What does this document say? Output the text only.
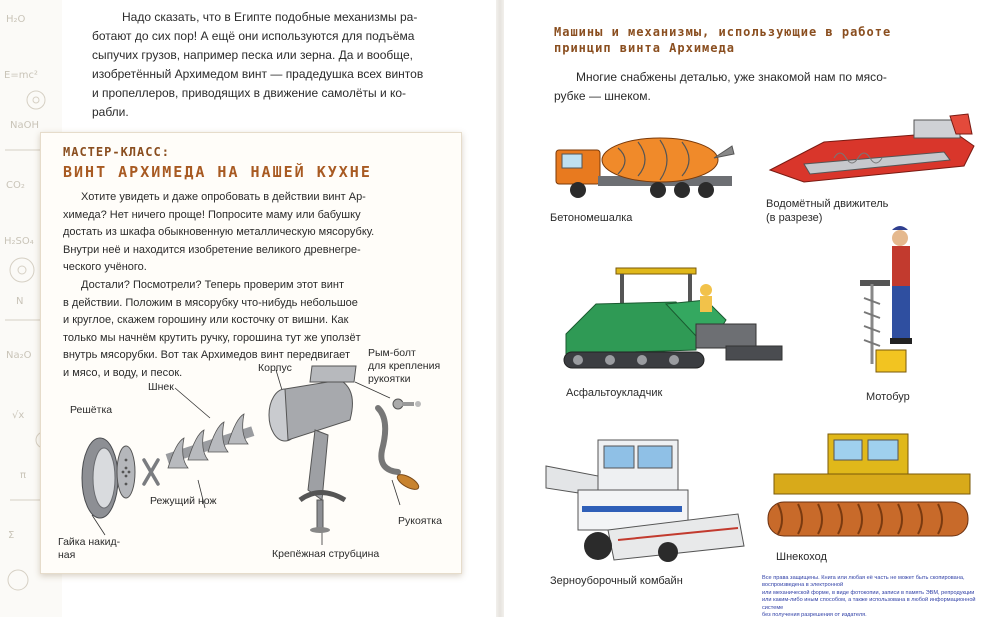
H₂O
E=mc²
NaOH
CO₂
H₂SO₄
N
Na₂O
√x
π
Σ
Надо сказать, что в Египте подобные механизмы ра-
ботают до сих пор! А ещё они используются для подъёма
сыпучих грузов, например песка или зерна. Да и вообще,
изобретённый Архимедом винт — прадедушка всех винтов
и пропеллеров, приводящих в движение самолёты и ко-
рабли.
МАСТЕР-КЛАСС:
ВИНТ АРХИМЕДА НА НАШЕЙ КУХНЕ
Хотите увидеть и даже опробовать в действии винт Ар-
химеда? Нет ничего проще! Попросите маму или бабушку
достать из шкафа обыкновенную металлическую мясорубку.
Внутри неё и находится изобретение великого древнегре-
ческого учёного.
Достали? Посмотрели? Теперь проверим этот винт
в действии. Положим в мясорубку что-нибудь небольшое
и круглое, скажем горошину или косточку от вишни. Как
только мы начнём крутить ручку, горошина тут же уползёт
внутрь мясорубки. Вот так Архимедов винт передвигает
и мясо, и воду, и песок.	Корпус
Шнек
Рым-болт
для крепления
рукоятки
Решётка
Режущий нож
Рукоятка
Гайка накид-
ная	Крепёжная струбцина
Машины и механизмы, использующие в работе
принцип винта Архимеда
Многие снабжены деталью, уже знакомой нам по мясо-
рубке — шнеком.
Бетономешалка
Водомётный движитель
(в разрезе)
Асфальтоукладчик	Мотобур
Зерноуборочный комбайн
Шнекоход
Все права защищены. Книга или любая её часть не может быть скопирована, воспроизведена в электронной
или механической форме, в виде фотокопии, записи в память ЭВМ, репродукции
или каким-либо иным способом, а также использована в любой информационной системе
без получения разрешения от издателя.
